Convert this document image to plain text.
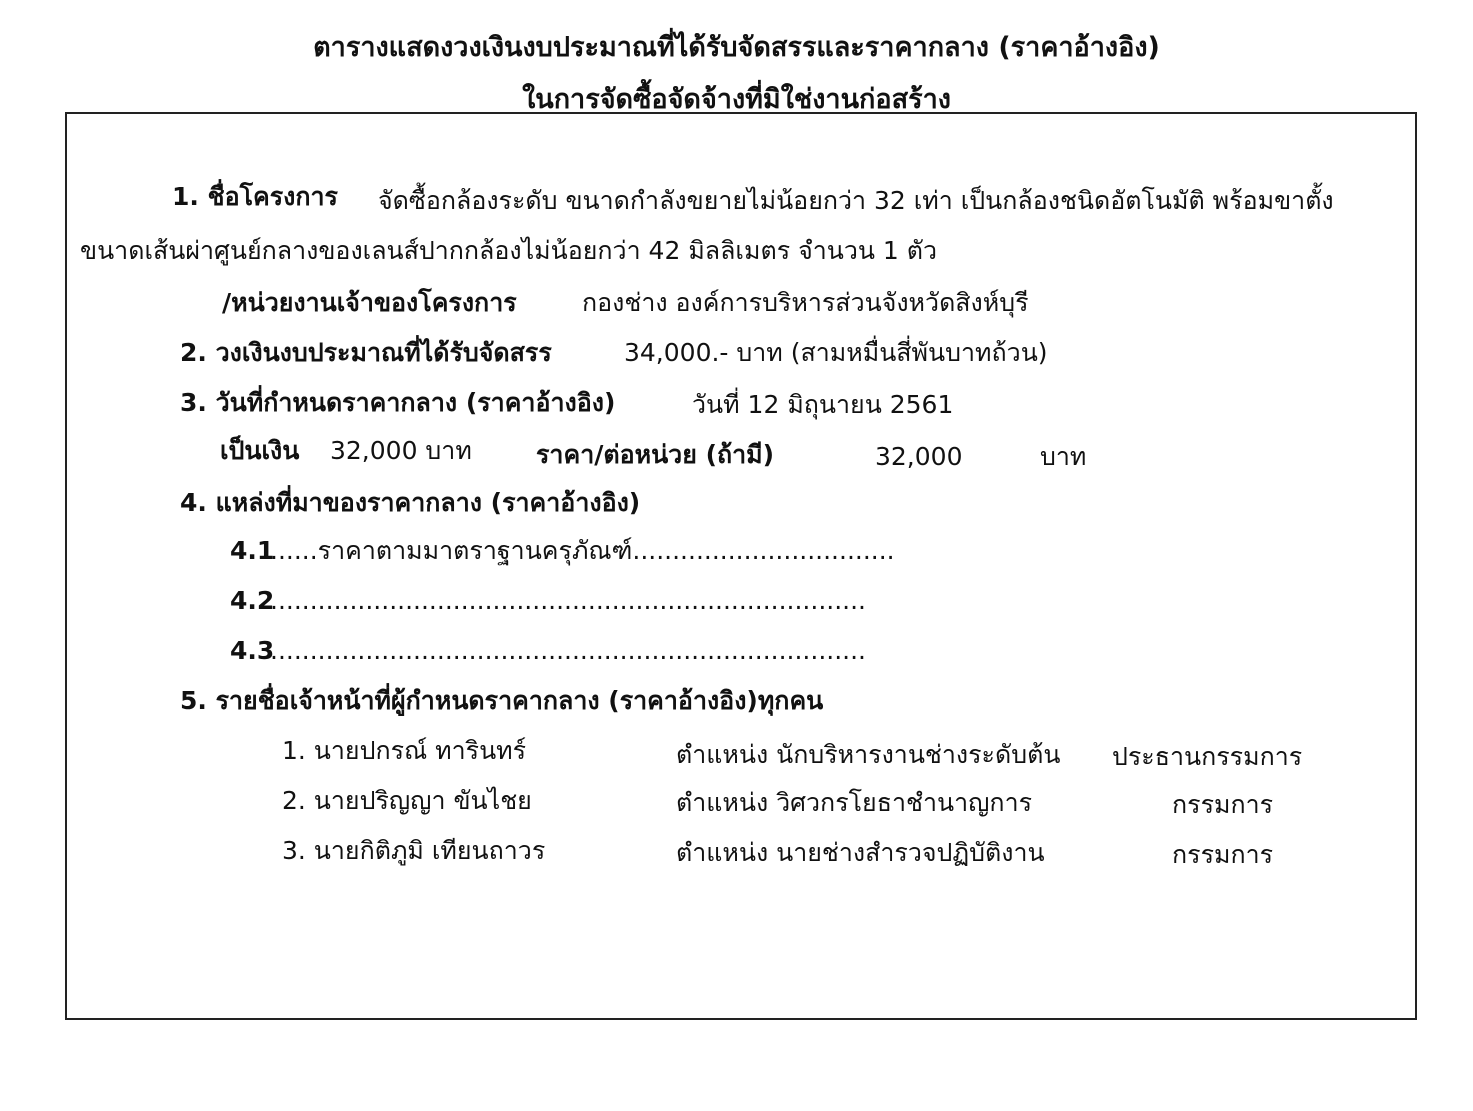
ตารางแสดงวงเงินงบประมาณที่ได้รับจัดสรรและราคากลาง (ราคาอ้างอิง)
ในการจัดซื้อจัดจ้างที่มิใช่งานก่อสร้าง
1. ชื่อโครงการ จัดซื้อกล้องระดับ ขนาดกำลังขยายไม่น้อยกว่า 32 เท่า เป็นกล้องชนิดอัตโนมัติ พร้อมขาตั้ง
ขนาดเส้นผ่าศูนย์กลางของเลนส์ปากกล้องไม่น้อยกว่า 42 มิลลิเมตร จำนวน 1 ตัว
/หน่วยงานเจ้าของโครงการ	กองช่าง องค์การบริหารส่วนจังหวัดสิงห์บุรี
2. วงเงินงบประมาณที่ได้รับจัดสรร	34,000.- บาท (สามหมื่นสี่พันบาทถ้วน)
3. วันที่กำหนดราคากลาง (ราคาอ้างอิง)	วันที่ 12 มิถุนายน 2561
เป็นเงิน 32,000 บาท	ราคา/ต่อหน่วย (ถ้ามี)	32,000	บาท
4. แหล่งที่มาของราคากลาง (ราคาอ้างอิง)
4.1
......ราคาตามมาตราฐานครุภัณฑ์.................................
4.2
...........................................................................
4.3
...........................................................................
5. รายชื่อเจ้าหน้าที่ผู้กำหนดราคากลาง (ราคาอ้างอิง)ทุกคน
1. นายปกรณ์ ทารินทร์	ตำแหน่ง นักบริหารงานช่างระดับต้น ประธานกรรมการ
2. นายปริญญา ขันไชย	ตำแหน่ง วิศวกรโยธาชำนาญการ	กรรมการ
3. นายกิติภูมิ เทียนถาวร	ตำแหน่ง นายช่างสำรวจปฏิบัติงาน	กรรมการ
